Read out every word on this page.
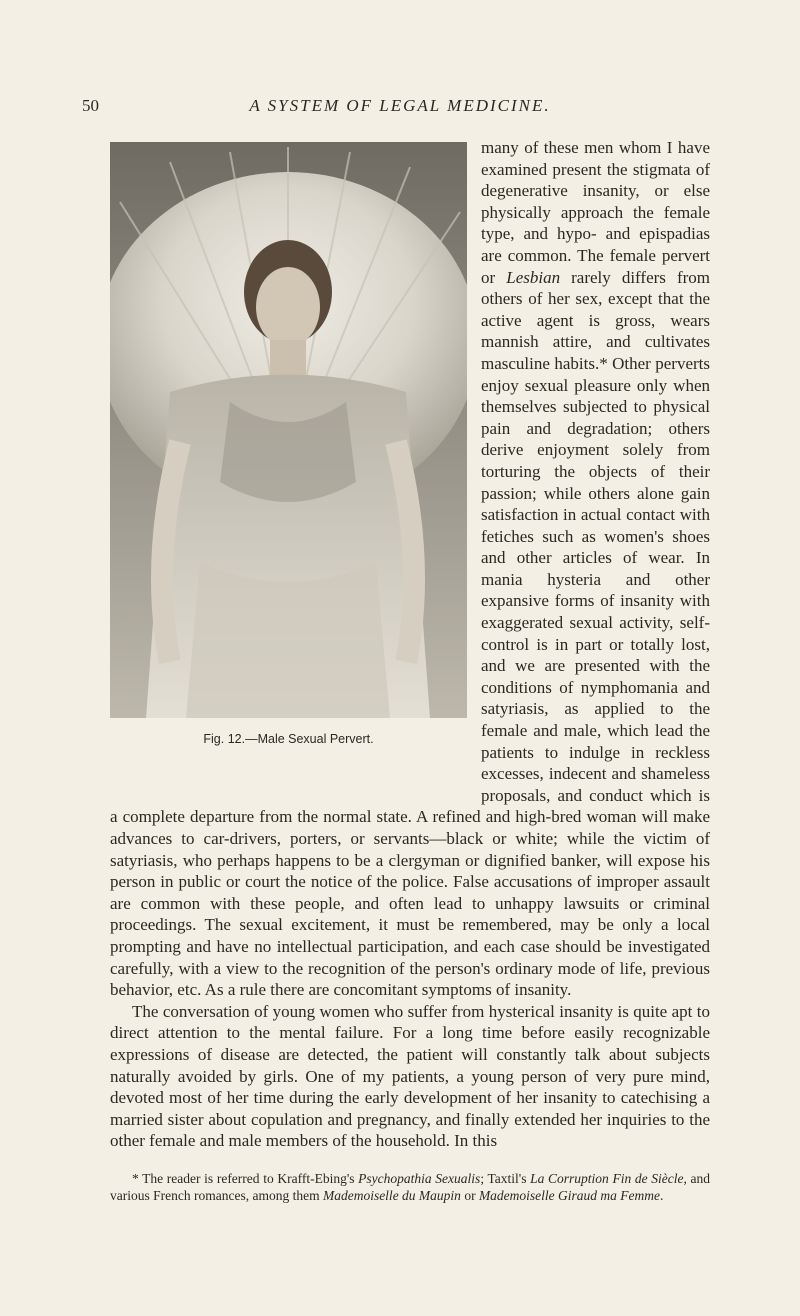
50	A SYSTEM OF LEGAL MEDICINE.
Fig. 12.—Male Sexual Pervert.

many of these men whom I have examined present the stigmata of degenerative insanity, or else physically approach the female type, and hypo- and epispadias are common. The female pervert or Lesbian rarely differs from others of her sex, except that the active agent is gross, wears mannish attire, and cultivates masculine habits.* Other perverts enjoy sexual pleasure only when themselves subjected to physical pain and degradation; others derive enjoyment solely from torturing the objects of their passion; while others alone gain satisfaction in actual contact with fetiches such as women's shoes and other articles of wear. In mania hysteria and other expansive forms of insanity with exaggerated sexual activity, self-control is in part or totally lost, and we are presented with the conditions of nymphomania and satyriasis, as applied to the female and male, which lead the patients to indulge in reckless excesses, indecent and shameless proposals, and conduct which is a complete departure from the normal state. A refined and high-bred woman will make advances to car-drivers, porters, or servants—black or white; while the victim of satyriasis, who perhaps happens to be a clergyman or dignified banker, will expose his person in public or court the notice of the police. False accusations of improper assault are common with these people, and often lead to unhappy lawsuits or criminal proceedings. The sexual excitement, it must be remembered, may be only a local prompting and have no intellectual participation, and each case should be investigated carefully, with a view to the recognition of the person's ordinary mode of life, previous behavior, etc. As a rule there are concomitant symptoms of insanity.

The conversation of young women who suffer from hysterical insanity is quite apt to direct attention to the mental failure. For a long time before easily recognizable expressions of disease are detected, the patient will constantly talk about subjects naturally avoided by girls. One of my patients, a young person of very pure mind, devoted most of her time during the early development of her insanity to catechising a married sister about copulation and pregnancy, and finally extended her inquiries to the other female and male members of the household. In this

* The reader is referred to Krafft-Ebing's Psychopathia Sexualis; Taxtil's La Corruption Fin de Siècle, and various French romances, among them Mademoiselle du Maupin or Mademoiselle Giraud ma Femme.
